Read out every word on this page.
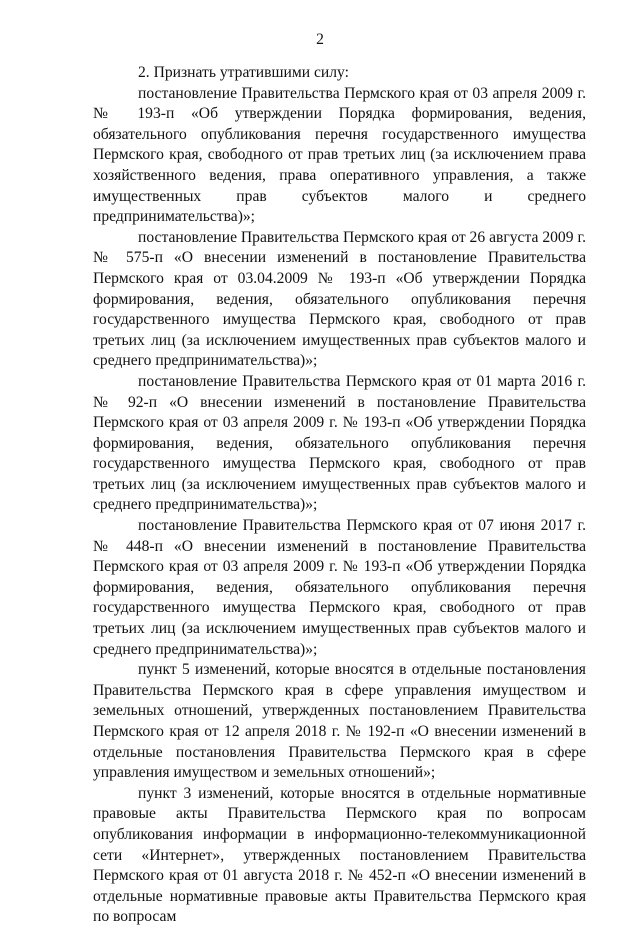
2

2. Признать утратившими силу:

постановление Правительства Пермского края от 03 апреля 2009 г. № 193-п «Об утверждении Порядка формирования, ведения, обязательного опубликования перечня государственного имущества Пермского края, свободного от прав третьих лиц (за исключением права хозяйственного ведения, права оперативного управления, а также имущественных прав субъектов малого и среднего предпринимательства)»;

постановление Правительства Пермского края от 26 августа 2009 г. № 575-п «О внесении изменений в постановление Правительства Пермского края от 03.04.2009 № 193-п «Об утверждении Порядка формирования, ведения, обязательного опубликования перечня государственного имущества Пермского края, свободного от прав третьих лиц (за исключением имущественных прав субъектов малого и среднего предпринимательства)»;

постановление Правительства Пермского края от 01 марта 2016 г. № 92-п «О внесении изменений в постановление Правительства Пермского края от 03 апреля 2009 г. № 193-п «Об утверждении Порядка формирования, ведения, обязательного опубликования перечня государственного имущества Пермского края, свободного от прав третьих лиц (за исключением имущественных прав субъектов малого и среднего предпринимательства)»;

постановление Правительства Пермского края от 07 июня 2017 г. № 448-п «О внесении изменений в постановление Правительства Пермского края от 03 апреля 2009 г. № 193-п «Об утверждении Порядка формирования, ведения, обязательного опубликования перечня государственного имущества Пермского края, свободного от прав третьих лиц (за исключением имущественных прав субъектов малого и среднего предпринимательства)»;

пункт 5 изменений, которые вносятся в отдельные постановления Правительства Пермского края в сфере управления имуществом и земельных отношений, утвержденных постановлением Правительства Пермского края от 12 апреля 2018 г. № 192-п «О внесении изменений в отдельные постановления Правительства Пермского края в сфере управления имуществом и земельных отношений»;

пункт 3 изменений, которые вносятся в отдельные нормативные правовые акты Правительства Пермского края по вопросам опубликования информации в информационно-телекоммуникационной сети «Интернет», утвержденных постановлением Правительства Пермского края от 01 августа 2018 г. № 452-п «О внесении изменений в отдельные нормативные правовые акты Правительства Пермского края по вопросам
